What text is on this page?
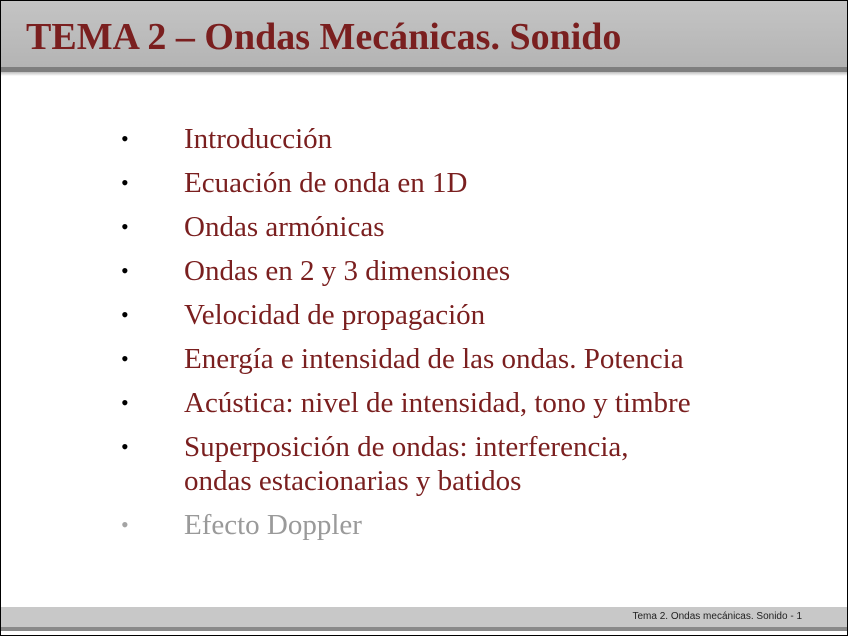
TEMA 2 – Ondas Mecánicas. Sonido
•	Introducción
•	Ecuación de onda en 1D
•	Ondas armónicas
•	Ondas en 2 y 3 dimensiones
•	Velocidad de propagación
•	Energía e intensidad de las ondas. Potencia
•	Acústica: nivel de intensidad, tono y timbre
•	Superposición de ondas: interferencia,
ondas estacionarias y batidos
•	Efecto Doppler
Tema 2. Ondas mecánicas. Sonido - 1
